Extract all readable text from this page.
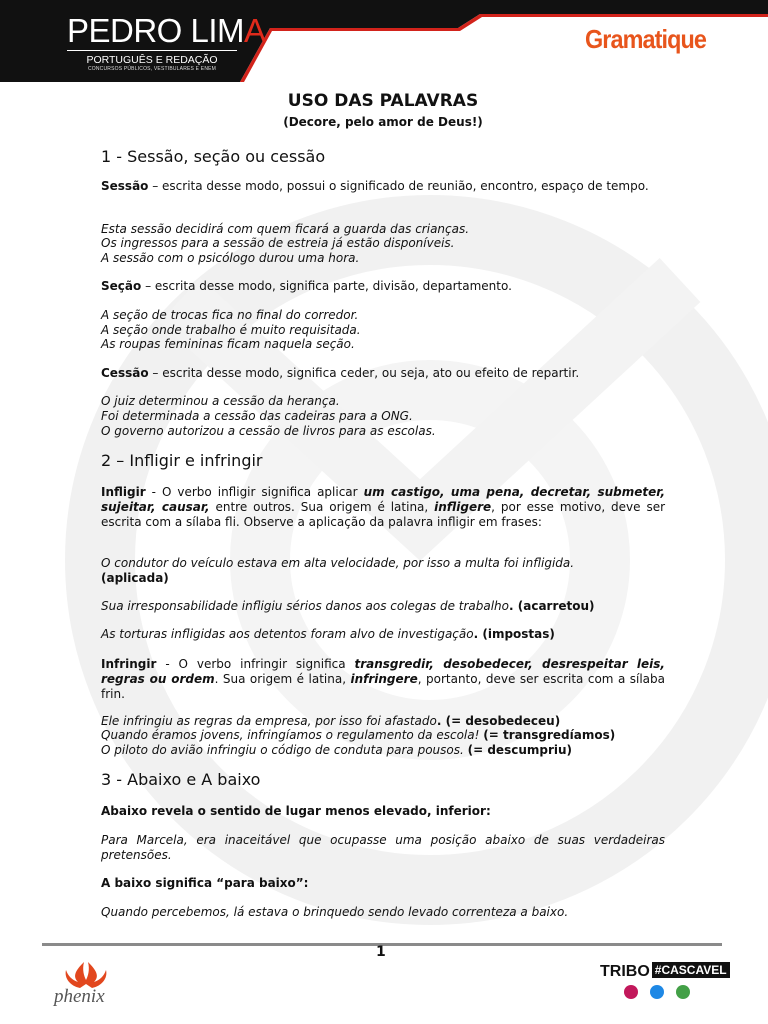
PEDRO LIMA
PORTUGUÊS E REDAÇÃO
CONCURSOS PÚBLICOS, VESTIBULARES E ENEM
Gramatique
USO DAS PALAVRAS
(Decore, pelo amor de Deus!)
1 - Sessão, seção ou cessão
Sessão – escrita desse modo, possui o significado de reunião, encontro, espaço de tempo.
Esta sessão decidirá com quem ficará a guarda das crianças.
Os ingressos para a sessão de estreia já estão disponíveis.
A sessão com o psicólogo durou uma hora.
Seção – escrita desse modo, significa parte, divisão, departamento.
A seção de trocas fica no final do corredor.
A seção onde trabalho é muito requisitada.
As roupas femininas ficam naquela seção.
Cessão – escrita desse modo, significa ceder, ou seja, ato ou efeito de repartir.
O juiz determinou a cessão da herança.
Foi determinada a cessão das cadeiras para a ONG.
O governo autorizou a cessão de livros para as escolas.
2 – Infligir e infringir
Infligir - O verbo infligir significa aplicar um castigo, uma pena, decretar, submeter, sujeitar, causar, entre outros. Sua origem é latina, infligere, por esse motivo, deve ser escrita com a sílaba fli. Observe a aplicação da palavra infligir em frases:
O condutor do veículo estava em alta velocidade, por isso a multa foi infligida.
(aplicada)
Sua irresponsabilidade infligiu sérios danos aos colegas de trabalho. (acarretou)
As torturas infligidas aos detentos foram alvo de investigação. (impostas)
Infringir - O verbo infringir significa transgredir, desobedecer, desrespeitar leis, regras ou ordem. Sua origem é latina, infringere, portanto, deve ser escrita com a sílaba frin.
Ele infringiu as regras da empresa, por isso foi afastado. (= desobedeceu)
Quando éramos jovens, infringíamos o regulamento da escola! (= transgredíamos)
O piloto do avião infringiu o código de conduta para pousos. (= descumpriu)
3 - Abaixo e A baixo
Abaixo revela o sentido de lugar menos elevado, inferior:
Para Marcela, era inaceitável que ocupasse uma posição abaixo de suas verdadeiras pretensões.
A baixo significa “para baixo”:
Quando percebemos, lá estava o brinquedo sendo levado correnteza a baixo.
1
phenix
TRIBO #CASCAVEL
